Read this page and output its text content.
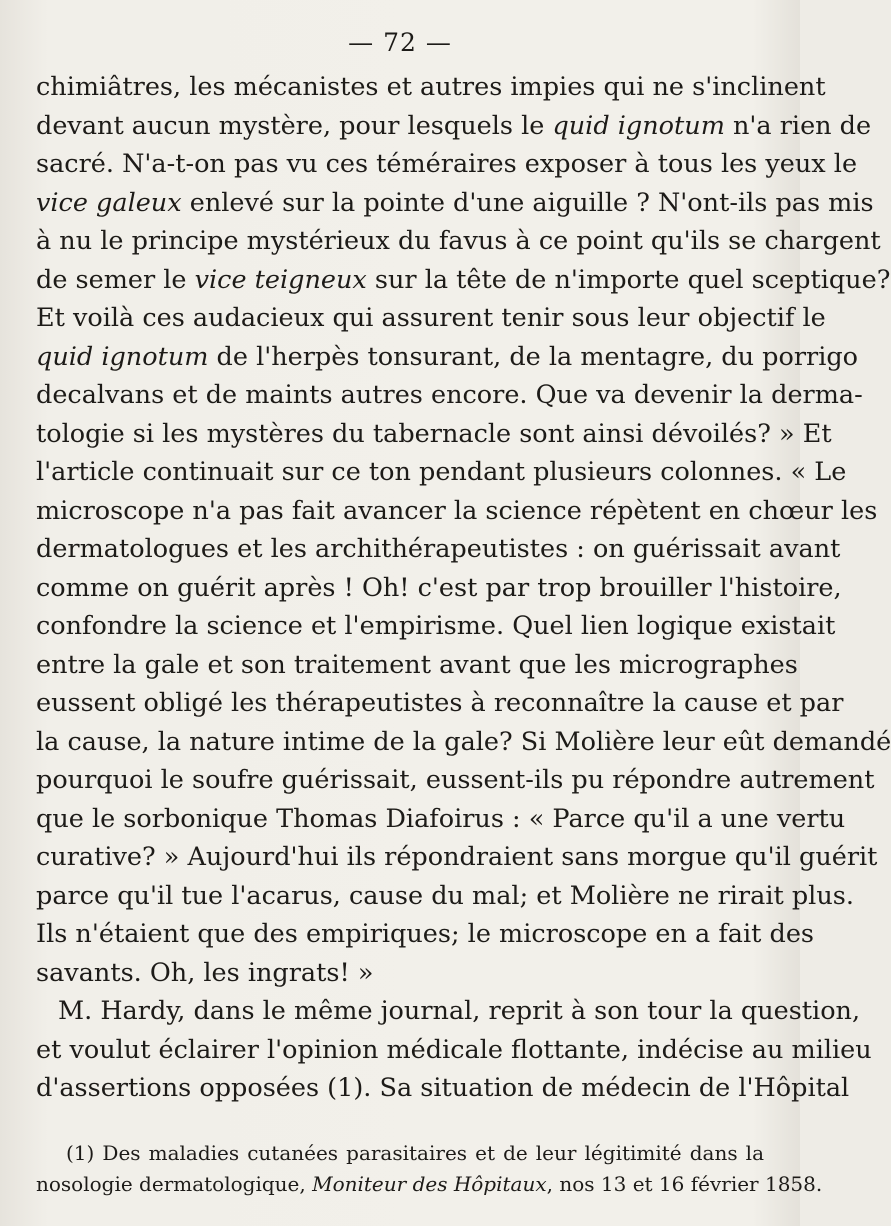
— 72 —
chimiâtres, les mécanistes et autres impies qui ne s'inclinent
devant aucun mystère, pour lesquels le quid ignotum n'a rien de
sacré. N'a-t-on pas vu ces téméraires exposer à tous les yeux le
vice galeux enlevé sur la pointe d'une aiguille ? N'ont-ils pas mis
à nu le principe mystérieux du favus à ce point qu'ils se chargent
de semer le vice teigneux sur la tête de n'importe quel sceptique?
Et voilà ces audacieux qui assurent tenir sous leur objectif le
quid ignotum de l'herpès tonsurant, de la mentagre, du porrigo
decalvans et de maints autres encore. Que va devenir la derma-
tologie si les mystères du tabernacle sont ainsi dévoilés? » Et
l'article continuait sur ce ton pendant plusieurs colonnes. « Le
microscope n'a pas fait avancer la science répètent en chœur les
dermatologues et les archithérapeutistes : on guérissait avant
comme on guérit après ! Oh! c'est par trop brouiller l'histoire,
confondre la science et l'empirisme. Quel lien logique existait
entre la gale et son traitement avant que les micrographes
eussent obligé les thérapeutistes à reconnaître la cause et par
la cause, la nature intime de la gale? Si Molière leur eût demandé
pourquoi le soufre guérissait, eussent-ils pu répondre autrement
que le sorbonique Thomas Diafoirus : « Parce qu'il a une vertu
curative? » Aujourd'hui ils répondraient sans morgue qu'il guérit
parce qu'il tue l'acarus, cause du mal; et Molière ne rirait plus.
Ils n'étaient que des empiriques; le microscope en a fait des
savants. Oh, les ingrats! »
M. Hardy, dans le même journal, reprit à son tour la question,
et voulut éclairer l'opinion médicale flottante, indécise au milieu
d'assertions opposées (1). Sa situation de médecin de l'Hôpital
(1) Des maladies cutanées parasitaires et de leur légitimité dans la
nosologie dermatologique, Moniteur des Hôpitaux, nos 13 et 16 février 1858.
